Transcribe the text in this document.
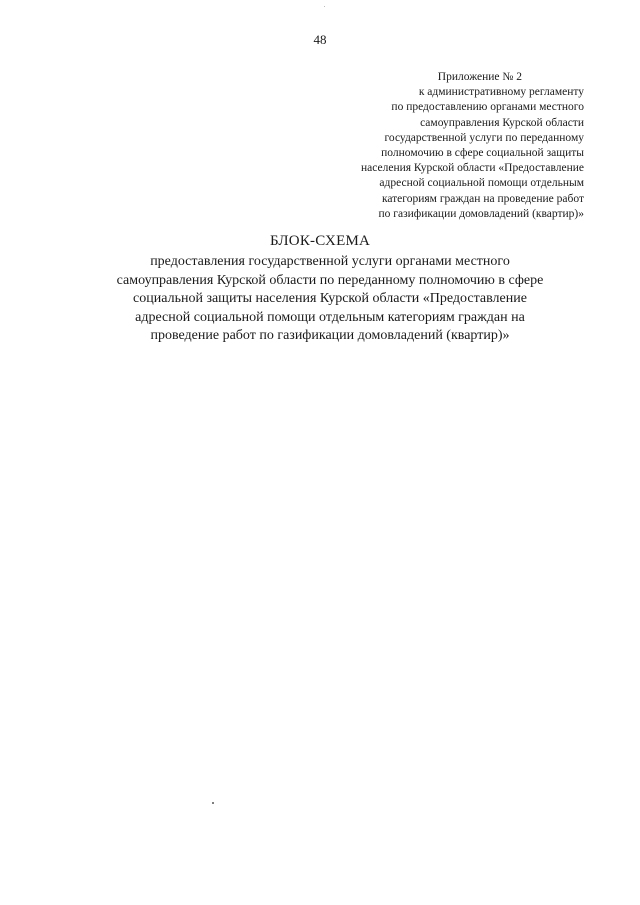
48
Приложение № 2
к административному регламенту
по предоставлению органами местного
самоуправления Курской области
государственной услуги по переданному
полномочию в сфере социальной защиты
населения Курской области «Предоставление
адресной социальной помощи отдельным
категориям граждан на проведение работ
по газификации домовладений (квартир)»
БЛОК-СХЕМА
предоставления государственной услуги органами местного
самоуправления Курской области по переданному полномочию в сфере
социальной защиты населения Курской области «Предоставление
адресной социальной помощи отдельным категориям граждан на
проведение работ по газификации домовладений (квартир)»
